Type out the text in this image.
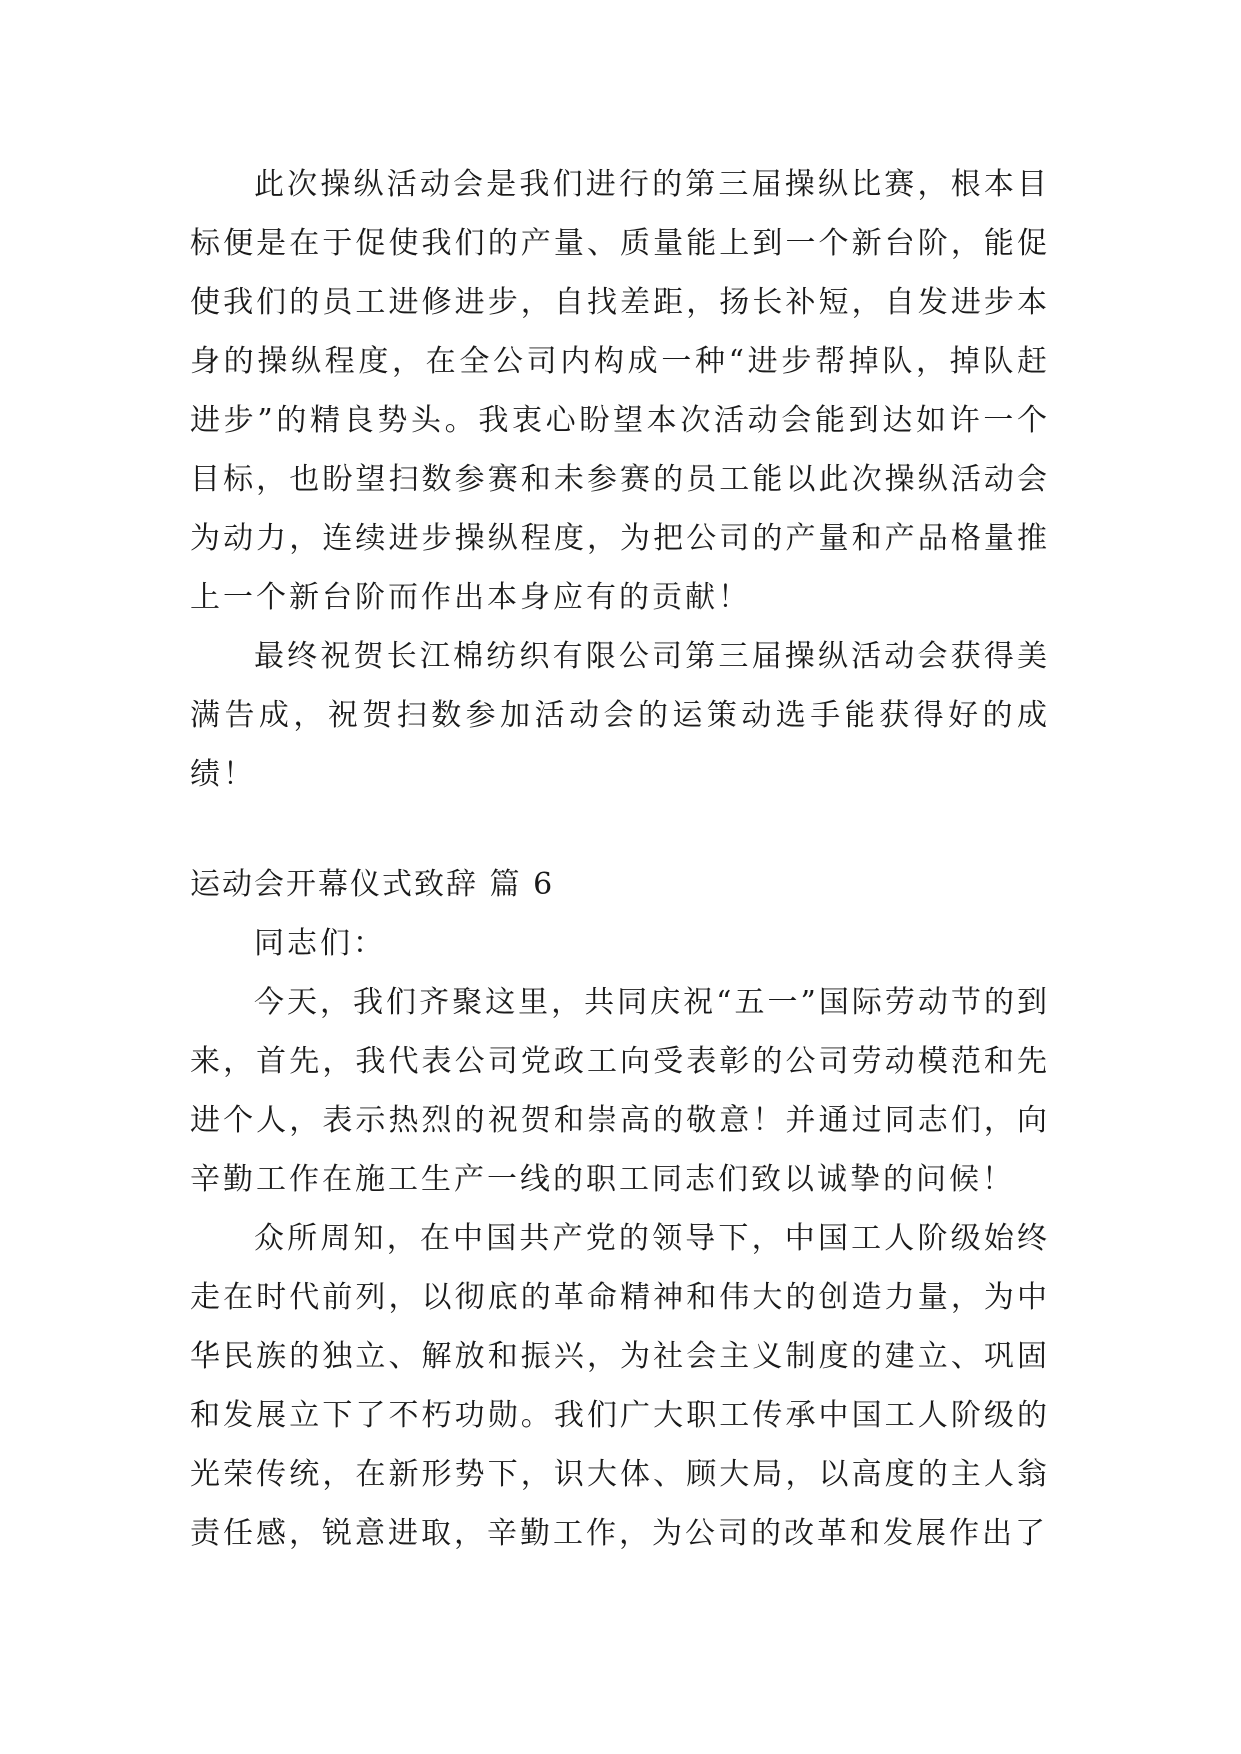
此次操纵活动会是我们进行的第三届操纵比赛，根本目标便是在于促使我们的产量、质量能上到一个新台阶，能促使我们的员工进修进步，自找差距，扬长补短，自发进步本身的操纵程度，在全公司内构成一种“进步帮掉队，掉队赶进步”的精良势头。我衷心盼望本次活动会能到达如许一个目标，也盼望扫数参赛和未参赛的员工能以此次操纵活动会为动力，连续进步操纵程度，为把公司的产量和产品格量推上一个新台阶而作出本身应有的贡献！

最终祝贺长江棉纺织有限公司第三届操纵活动会获得美满告成，祝贺扫数参加活动会的运策动选手能获得好的成绩！

运动会开幕仪式致辞 篇 6

同志们：

今天，我们齐聚这里，共同庆祝“五一”国际劳动节的到来，首先，我代表公司党政工向受表彰的公司劳动模范和先进个人，表示热烈的祝贺和崇高的敬意！并通过同志们，向辛勤工作在施工生产一线的职工同志们致以诚挚的问候！

众所周知，在中国共产党的领导下，中国工人阶级始终走在时代前列，以彻底的革命精神和伟大的创造力量，为中华民族的独立、解放和振兴，为社会主义制度的建立、巩固和发展立下了不朽功勋。我们广大职工传承中国工人阶级的光荣传统，在新形势下，识大体、顾大局，以高度的主人翁责任感，锐意进取，辛勤工作，为公司的改革和发展作出了
